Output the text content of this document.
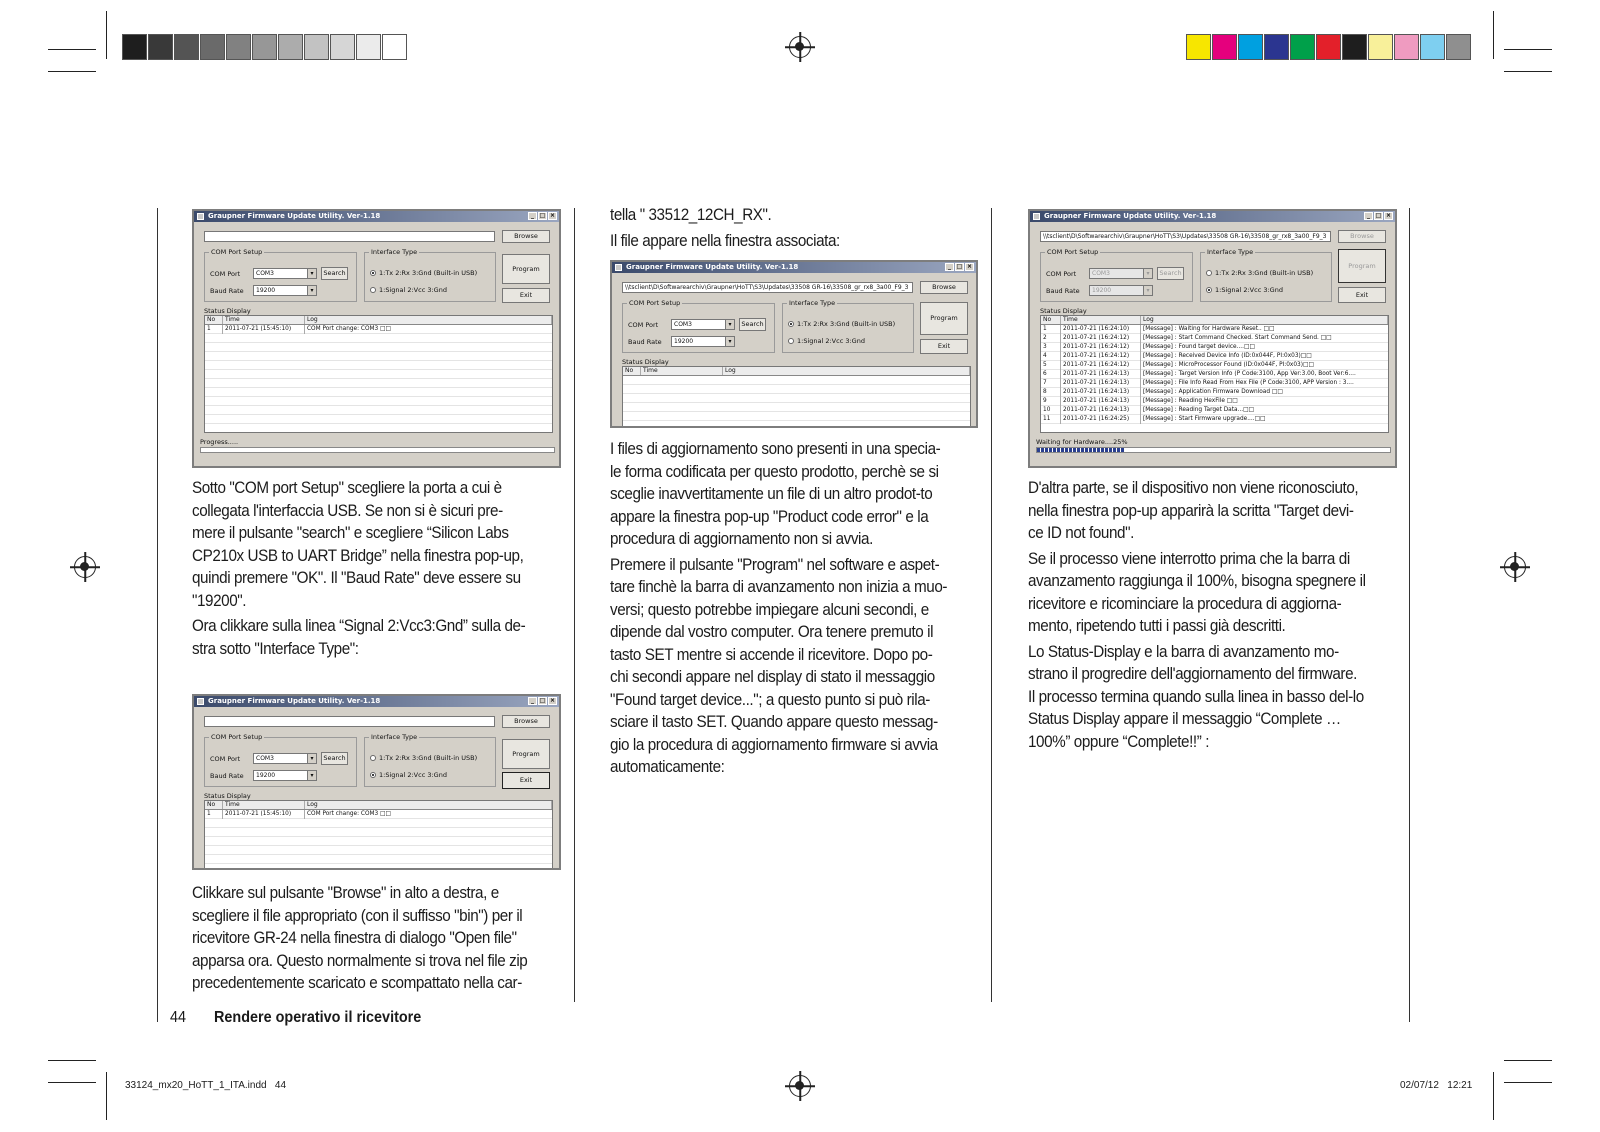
Graupner Firmware Update Utility. Ver-1.18	_ □ ×
Browse
COM Port Setup
COM Port	COM3 ▾	Search
Baud Rate	19200 ▾
Interface Type
1:Tx 2:Rx 3:Gnd (Built-in USB)
1:Signal 2:Vcc 3:Gnd
Program
Exit
Status Display
No	Time	Log
1	2011-07-21 (15:45:10)	COM Port change: COM3 □□
Progress.....
Graupner Firmware Update Utility. Ver-1.18	_ □ ×
Browse
COM Port Setup
COM Port	COM3 ▾	Search
Baud Rate	19200 ▾
Interface Type
1:Tx 2:Rx 3:Gnd (Built-in USB)
1:Signal 2:Vcc 3:Gnd
Program
Exit
Status Display
No	Time	Log
1	2011-07-21 (15:45:10)	COM Port change: COM3 □□
Graupner Firmware Update Utility. Ver-1.18	_ □ ×
\\tsclient\D\Softwarearchiv\Graupner\HoTT\S3\Updates\33508 GR-16\33508_gr_rx8_3a00_F9_3	Browse
COM Port Setup
COM Port	COM3 ▾	Search
Baud Rate	19200 ▾
Interface Type
1:Tx 2:Rx 3:Gnd (Built-in USB)
1:Signal 2:Vcc 3:Gnd
Program
Exit
Status Display
No	Time	Log
Graupner Firmware Update Utility. Ver-1.18	_ □ ×
\\tsclient\D\Softwarearchiv\Graupner\HoTT\S3\Updates\33508 GR-16\33508_gr_rx8_3a00_F9_3	Browse
COM Port Setup
COM Port	COM3 ▾	Search
Baud Rate	19200 ▾
Interface Type
1:Tx 2:Rx 3:Gnd (Built-in USB)
1:Signal 2:Vcc 3:Gnd
Program
Exit
Status Display
No	Time	Log
1	2011-07-21 (16:24:10)	[Message] : Waiting for Hardware Reset.. □□
2	2011-07-21 (16:24:12)	[Message] : Start Command Checked. Start Command Send. □□
3	2011-07-21 (16:24:12)	[Message] : Found target device....□□
4	2011-07-21 (16:24:12)	[Message] : Received Device Info (ID:0x044F, PI:0x03)□□
5	2011-07-21 (16:24:12)	[Message] : MicroProcessor Found (ID:0x044F, PI:0x03)□□
6	2011-07-21 (16:24:13)	[Message] : Target Version Info (P Code:3100, App Ver:3.00, Boot Ver:6....
7	2011-07-21 (16:24:13)	[Message] : File Info Read From Hex File (P Code:3100, APP Version : 3....
8	2011-07-21 (16:24:13)	[Message] : Application Firmware Download □□
9	2011-07-21 (16:24:13)	[Message] : Reading HexFile □□
10	2011-07-21 (16:24:13)	[Message] : Reading Target Data...□□
11	2011-07-21 (16:24:25)	[Message] : Start Firmware upgrade....□□
Waiting for Hardware....25%

Sotto "COM port Setup" scegliere la porta a cui è collegata l'interfaccia USB. Se non si è sicuri pre-mere il pulsante "search" e scegliere “Silicon Labs CP210x USB to UART Bridge” nella finestra pop-up, quindi premere "OK". Il "Baud Rate" deve essere su "19200".

Ora clikkare sulla linea “Signal 2:Vcc3:Gnd” sulla de-stra sotto "Interface Type":

Clikkare sul pulsante "Browse" in alto a destra, e scegliere il file appropriato (con il suffisso "bin") per il ricevitore GR-24 nella finestra di dialogo "Open file" apparsa ora. Questo normalmente si trova nel file zip precedentemente scaricato e scompattato nella car-

tella " 33512_12CH_RX".

Il file appare nella finestra associata:

I files di aggiornamento sono presenti in una specia-le forma codificata per questo prodotto, perchè se si sceglie inavvertitamente un file di un altro prodot-to appare la finestra pop-up "Product code error" e la procedura di aggiornamento non si avvia.

Premere il pulsante "Program" nel software e aspet-tare finchè la barra di avanzamento non inizia a muo-versi; questo potrebbe impiegare alcuni secondi, e dipende dal vostro computer. Ora tenere premuto il tasto SET mentre si accende il ricevitore. Dopo po-chi secondi appare nel display di stato il messaggio "Found target device..."; a questo punto si può rila-sciare il tasto SET. Quando appare questo messag-gio la procedura di aggiornamento firmware si avvia automaticamente:

D'altra parte, se il dispositivo non viene riconosciuto, nella finestra pop-up apparirà la scritta "Target devi-ce ID not found".

Se il processo viene interrotto prima che la barra di avanzamento raggiunga il 100%, bisogna spegnere il ricevitore e ricominciare la procedura di aggiorna-mento, ripetendo tutti i passi già descritti.

Lo Status-Display e la barra di avanzamento mo-strano il progredire dell'aggiornamento del firmware. Il processo termina quando sulla linea in basso del-lo Status Display appare il messaggio “Complete … 100%” oppure “Complete!!” :

44 Rendere operativo il ricevitore
33124_mx20_HoTT_1_ITA.indd   44	02/07/12   12:21
